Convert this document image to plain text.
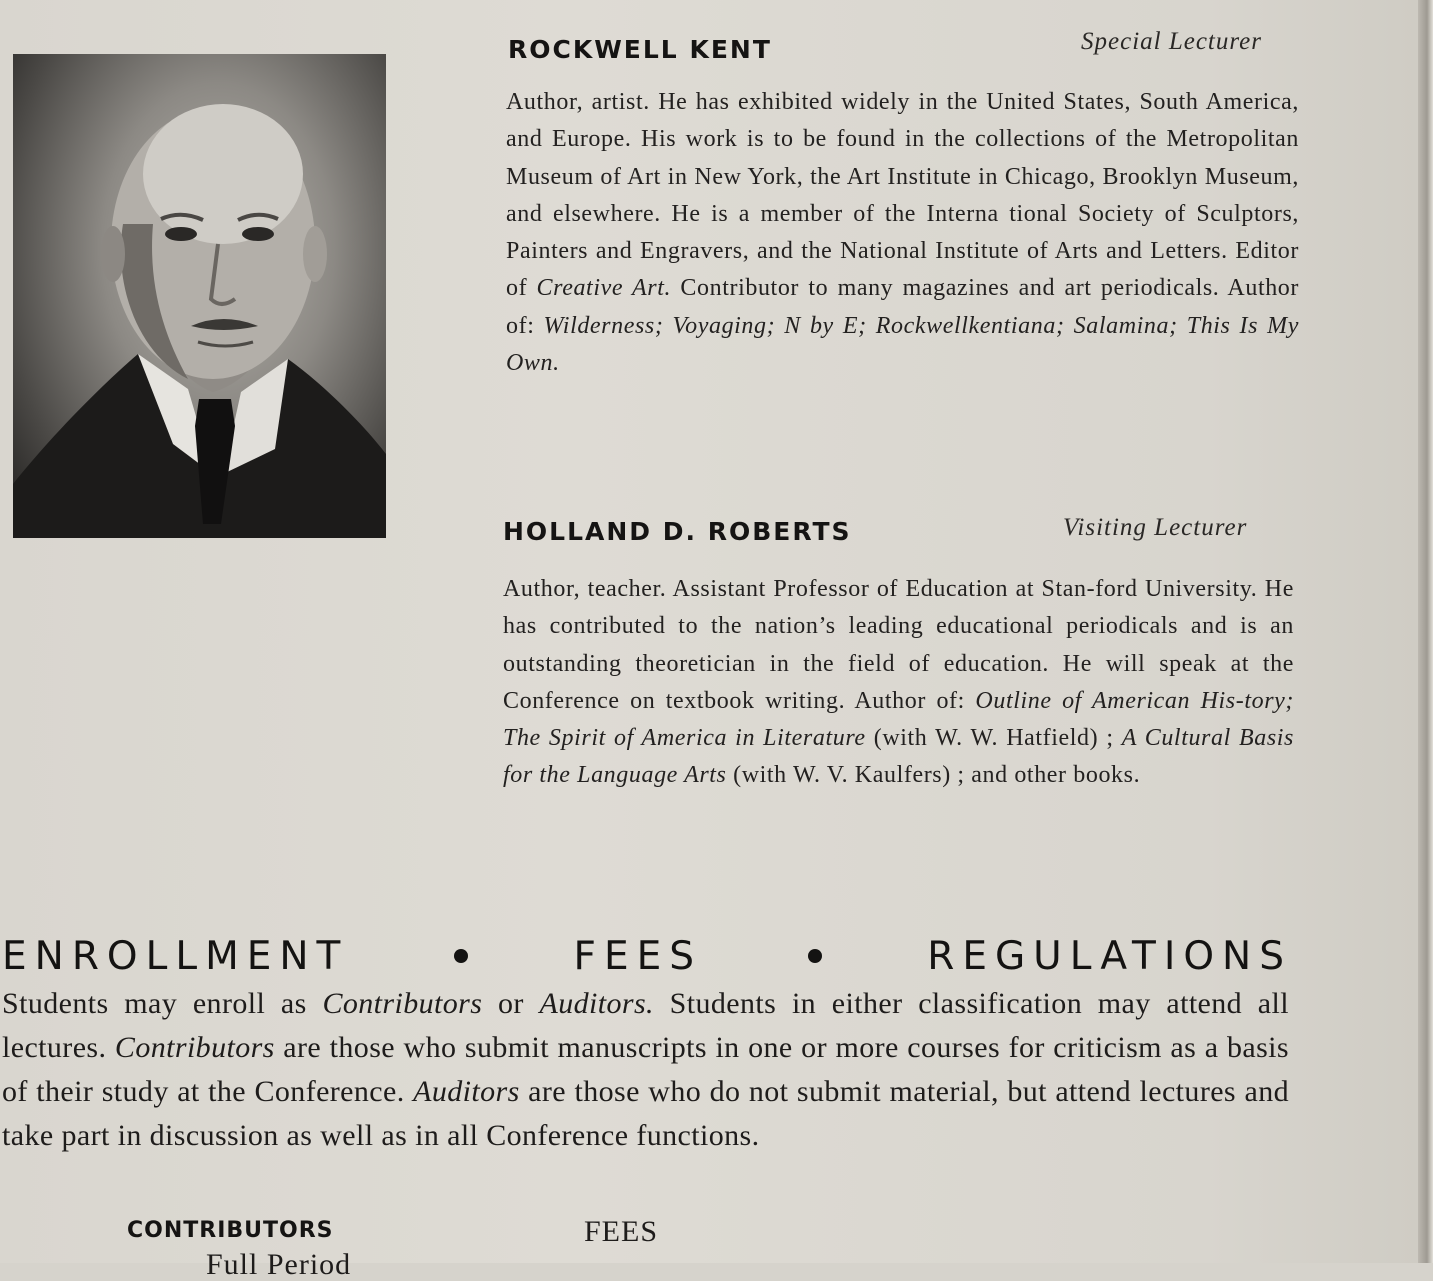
ROCKWELL KENT	Special Lecturer
Author, artist. He has exhibited widely in the United States, South America, and Europe. His work is to be found in the collections of the Metropolitan Museum of Art in New York, the Art Institute in Chicago, Brooklyn Museum, and elsewhere. He is a member of the Interna tional Society of Sculptors, Painters and Engravers, and the National Institute of Arts and Letters. Editor of Creative Art. Contributor to many magazines and art periodicals. Author of: Wilderness; Voyaging; N by E; Rockwellkentiana; Salamina; This Is My Own.
HOLLAND D. ROBERTS	Visiting Lecturer
Author, teacher. Assistant Professor of Education at Stan-ford University. He has contributed to the nation’s leading educational periodicals and is an outstanding theoretician in the field of education. He will speak at the Conference on textbook writing. Author of: Outline of American His-tory; The Spirit of America in Literature (with W. W. Hatfield) ; A Cultural Basis for the Language Arts (with W. V. Kaulfers) ; and other books.
ENROLLMENT	FEES	REGULATIONS
Students may enroll as Contributors or Auditors. Students in either classification may attend all lectures. Contributors are those who submit manuscripts in one or more courses for criticism as a basis of their study at the Conference. Auditors are those who do not submit material, but attend lectures and take part in discussion as well as in all Conference functions.
CONTRIBUTORS	FEES
Full Period
